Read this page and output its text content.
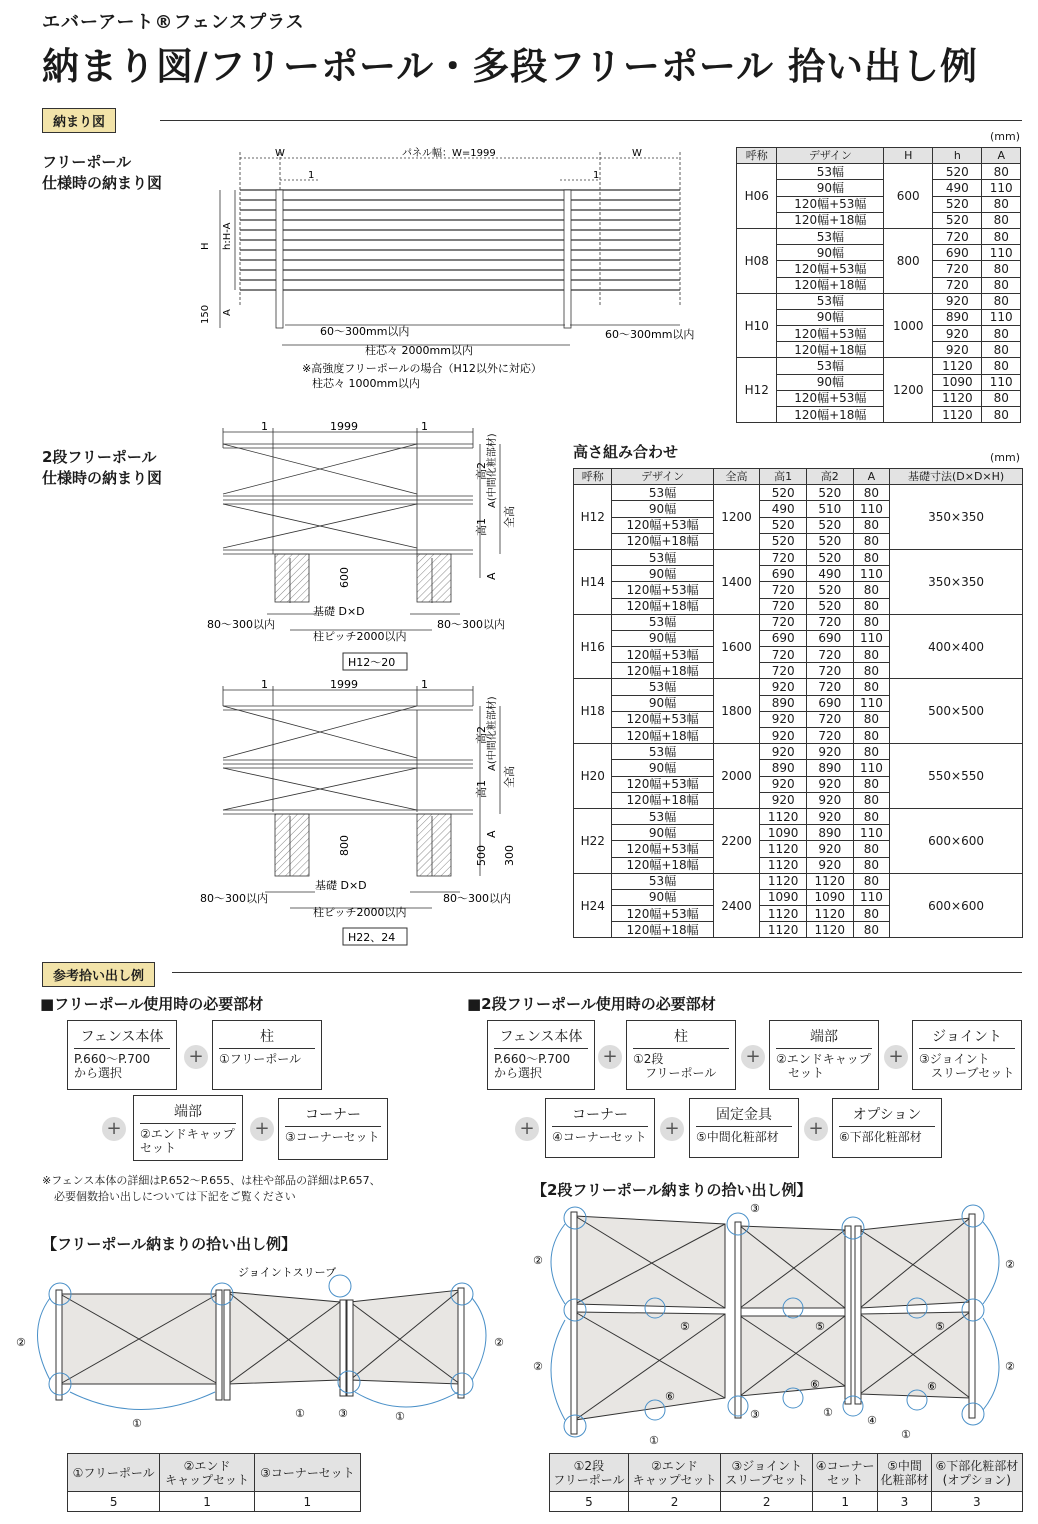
エバーアート®フェンスプラス
納まり図/フリーポール・多段フリーポール 拾い出し例
納まり図
フリーポール
仕様時の納まり図
W	パネル幅：W=1999	W
1	1
H h:H-A
150 A
60～300mm以内	60～300mm以内
柱芯々 2000mm以内
※高強度フリーポールの場合（H12以外に対応）
柱芯々 1000mm以内
(mm)
呼称	デザイン	H	h	A
H06	53幅	600	520	80
	90幅		490	110
	120幅+53幅		520	80
	120幅+18幅		520	80
H08	53幅	800	720	80
	90幅		690	110
	120幅+53幅		720	80
	120幅+18幅		720	80
H10	53幅	1000	920	80
	90幅		890	110
	120幅+53幅		920	80
	120幅+18幅		920	80
H12	53幅	1200	1120	80
	90幅		1090	110
	120幅+53幅		1120	80
	120幅+18幅		1120	80
2段フリーポール
仕様時の納まり図
1	1999	1
高2
高1
A(中間化粧部材)
全高
A
600
基礎 D×D
80～300以内	80～300以内
柱ピッチ2000以内
H12～20
1	1999	1
高2
高1
A(中間化粧部材)
全高
A
800	500 300
基礎 D×D
80～300以内	80～300以内
柱ピッチ2000以内
H22、24
高さ組み合わせ	(mm)
呼称	デザイン	全高	高1	高2	A	基礎寸法(D×D×H)
H12	53幅	1200	520	520	80	350×350
	90幅		490	510	110	
	120幅+53幅		520	520	80	
	120幅+18幅		520	520	80	
H14	53幅	1400	720	520	80	350×350
	90幅		690	490	110	
	120幅+53幅		720	520	80	
	120幅+18幅		720	520	80	
H16	53幅	1600	720	720	80	400×400
	90幅		690	690	110	
	120幅+53幅		720	720	80	
	120幅+18幅		720	720	80	
H18	53幅	1800	920	720	80	500×500
	90幅		890	690	110	
	120幅+53幅		920	720	80	
	120幅+18幅		920	720	80	
H20	53幅	2000	920	920	80	550×550
	90幅		890	890	110	
	120幅+53幅		920	920	80	
	120幅+18幅		920	920	80	
H22	53幅	2200	1120	920	80	600×600
	90幅		1090	890	110	
	120幅+53幅		1120	920	80	
	120幅+18幅		1120	920	80	
H24	53幅	2400	1120	1120	80	600×600
	90幅		1090	1090	110	
	120幅+53幅		1120	1120	80	
	120幅+18幅		1120	1120	80	
参考拾い出し例
■フリーポール使用時の必要部材
フェンス本体
P.660～P.700
から選択
+
柱
①フリーポール
+
端部
②エンドキャップ
セット
+
コーナー
③コーナーセット
※フェンス本体の詳細はP.652～P.655、は柱や部品の詳細はP.657、
必要個数拾い出しについては下記をご覧ください
■2段フリーポール使用時の必要部材
フェンス本体
P.660～P.700
から選択
+
柱
①2段
フリーポール
+
端部
②エンドキャップ
セット
+
ジョイント
③ジョイント
スリーブセット
+
コーナー
④コーナーセット +
固定金具
⑤中間化粧部材	+
オプション
⑥下部化粧部材
【フリーポール納まりの拾い出し例】
ジョイントスリーブ
②	②
①
①	③	①
①フリーポール	②エンド
キャップセット	③コーナーセット
5	1	1
【2段フリーポール納まりの拾い出し例】
③
②
②
②
②
⑤	⑤	⑤
⑥
⑥	⑥
①
③	①
④
①
①2段
フリーポール	②エンド
キャップセット	③ジョイント
スリーブセット	④コーナー
セット	⑤中間
化粧部材	⑥下部化粧部材
(オプション)
5	2	2	1	3	3
